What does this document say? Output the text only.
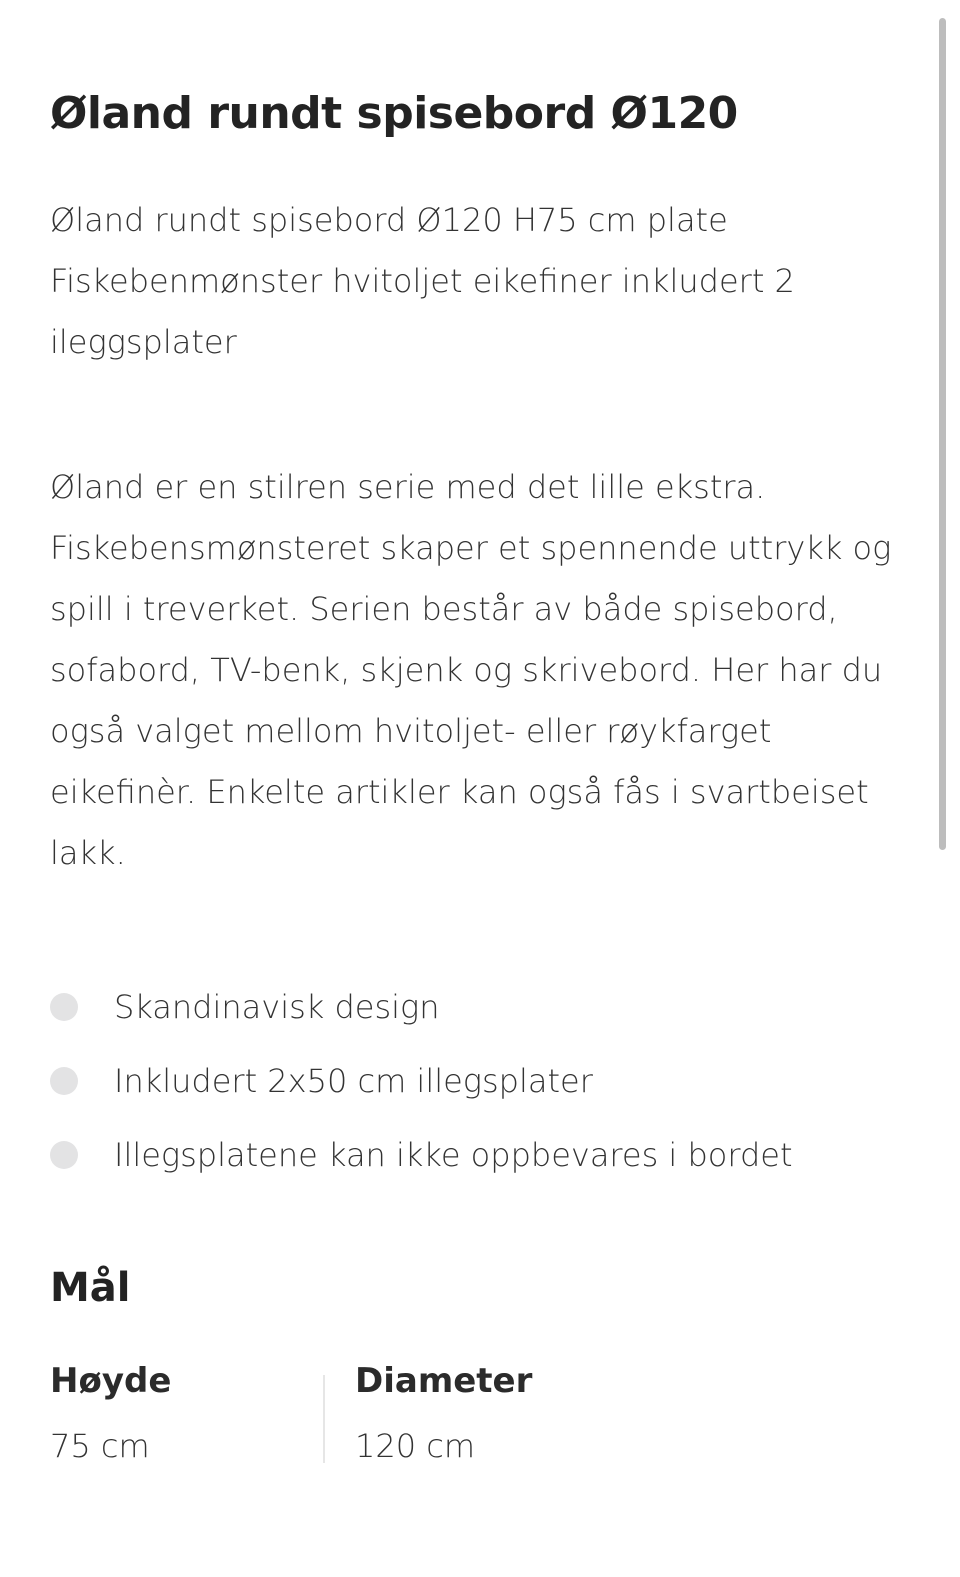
Øland rundt spisebord Ø120

Øland rundt spisebord Ø120 H75 cm plate Fiskebenmønster hvitoljet eikefiner inkludert 2 ileggsplater

Øland er en stilren serie med det lille ekstra. Fiskebensmønsteret skaper et spennende uttrykk og spill i treverket. Serien består av både spisebord, sofabord, TV-benk, skjenk og skrivebord. Her har du også valget mellom hvitoljet- eller røykfarget eikefinèr. Enkelte artikler kan også fås i svartbeiset lakk.

Skandinavisk design
Inkludert 2x50 cm illegsplater
Illegsplatene kan ikke oppbevares i bordet
Mål
Høyde
75 cm
Diameter
120 cm
